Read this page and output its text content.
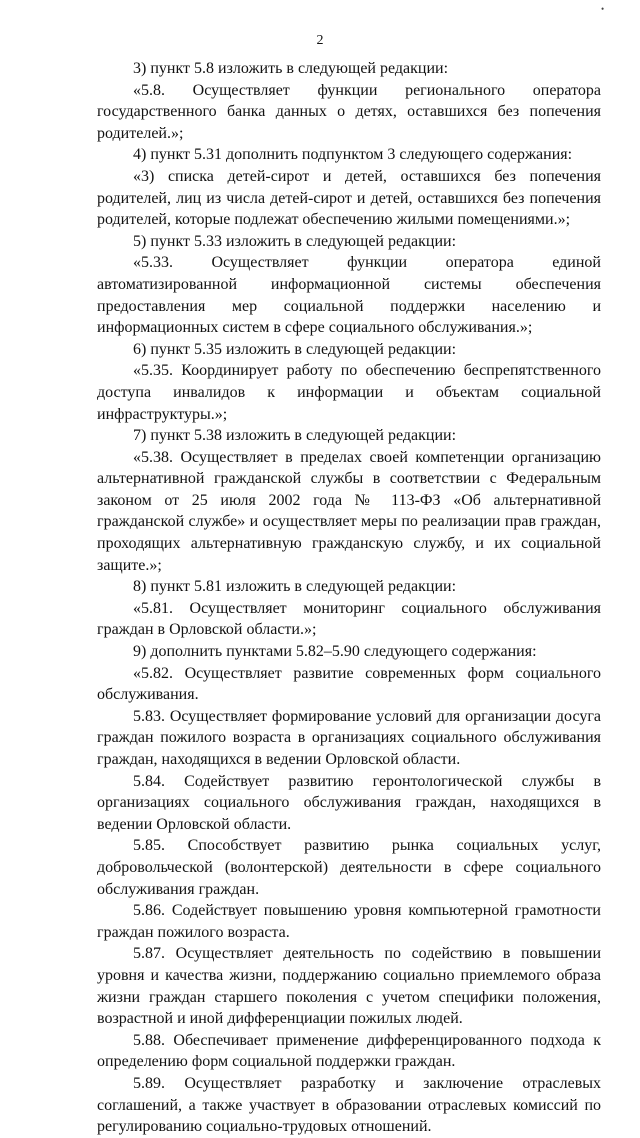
•
2

3) пункт 5.8 изложить в следующей редакции:

«5.8. Осуществляет функции регионального оператора государственного банка данных о детях, оставшихся без попечения родителей.»;

4) пункт 5.31 дополнить подпунктом 3 следующего содержания:

«3) списка детей-сирот и детей, оставшихся без попечения родителей, лиц из числа детей-сирот и детей, оставшихся без попечения родителей, которые подлежат обеспечению жилыми помещениями.»;

5) пункт 5.33 изложить в следующей редакции:

«5.33. Осуществляет функции оператора единой автоматизированной информационной системы обеспечения предоставления мер социальной поддержки населению и информационных систем в сфере социального обслуживания.»;

6) пункт 5.35 изложить в следующей редакции:

«5.35. Координирует работу по обеспечению беспрепятственного доступа инвалидов к информации и объектам социальной инфраструктуры.»;

7) пункт 5.38 изложить в следующей редакции:

«5.38. Осуществляет в пределах своей компетенции организацию альтернативной гражданской службы в соответствии с Федеральным законом от 25 июля 2002 года № 113-ФЗ «Об альтернативной гражданской службе» и осуществляет меры по реализации прав граждан, проходящих альтернативную гражданскую службу, и их социальной защите.»;

8) пункт 5.81 изложить в следующей редакции:

«5.81. Осуществляет мониторинг социального обслуживания граждан в Орловской области.»;

9) дополнить пунктами 5.82–5.90 следующего содержания:

«5.82. Осуществляет развитие современных форм социального обслуживания.

5.83. Осуществляет формирование условий для организации досуга граждан пожилого возраста в организациях социального обслуживания граждан, находящихся в ведении Орловской области.

5.84. Содействует развитию геронтологической службы в организациях социального обслуживания граждан, находящихся в ведении Орловской области.

5.85. Способствует развитию рынка социальных услуг, добровольческой (волонтерской) деятельности в сфере социального обслуживания граждан.

5.86. Содействует повышению уровня компьютерной грамотности граждан пожилого возраста.

5.87. Осуществляет деятельность по содействию в повышении уровня и качества жизни, поддержанию социально приемлемого образа жизни граждан старшего поколения с учетом специфики положения, возрастной и иной дифференциации пожилых людей.

5.88. Обеспечивает применение дифференцированного подхода к определению форм социальной поддержки граждан.

5.89. Осуществляет разработку и заключение отраслевых соглашений, а также участвует в образовании отраслевых комиссий по регулированию социально-трудовых отношений.
